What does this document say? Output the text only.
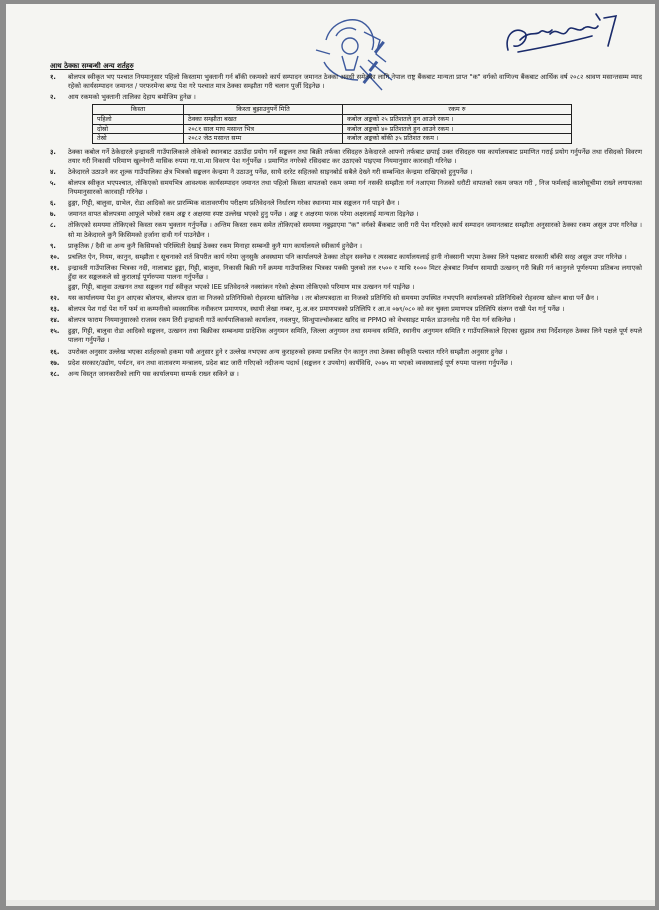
आथ ठेक्का सम्बन्धी अन्य शर्तहरु
१.	बोलपत्र स्वीकृत भए पश्चात नियमानुसार पहिलो किस्तामा भुक्तानी गर्न बाँकी रकमको कार्य सम्पादन जमानत ठेक्का अवधी समेतका लागि नेपाल राष्ट्र बैंकबाट मान्यता प्राप्त "क" वर्गको वाणिज्य बैंकबाट आर्थिक वर्ष २०८२ श्रावण मसान्तसम्म म्याद रहेको कार्यसम्पादन जमानत / परफरमेन्स बण्ड पेश गरे पश्चात मात्र ठेक्का सम्झौता गरी चलान पुर्जी दिइनेछ ।
२.	आय रकमको भुक्तानी तालिका देहाय बमोजिम हुनेछ ।
किस्ता	किस्ता बुझाउनुपर्ने मिति	रकम रु
पहिलो	ठेक्का सम्झौता बखत	कबोल अङ्कको २५ प्रतिशतले हुन आउने रकम ।
दोस्रो	२०८१ साल माघ मसान्त भित्र	कबोल अङ्कको ४० प्रतिशतले हुन आउने रकम ।
तेस्रो	२०८२ जेठ मसान्त सम्म	कबोल अङ्कको बाँकी ३५ प्रतिशत रकम ।
३.	ठेक्का कबोल गर्ने ठेकेदारले इन्द्रावती गाउँपालिकाले तोकेको स्थानबाट उठाउँदा प्रयोग गर्ने सङ्कलन तथा बिक्री तर्फका रसिदहरु ठेकेदारले आफ्नो तर्फबाट छपाई उक्त रसिदहरु यस कार्यालयबाट प्रमाणित गराई प्रयोग गर्नुपर्नेछ तथा रसिदको विवरण तयार गरी निकासी परिमाण खुल्नेगरी मासिक रुपमा गा.पा.मा विवरण पेश गर्नुपर्नेछ । प्रमाणित नगरेको रसिदबाट कर उठाएको पाइएमा नियमानुसार कारवाही गरिनेछ ।
४.	ठेकेदारले उठाउने कर शुल्क गाउँपालिका क्षेत्र भित्रको सङ्कलन केन्द्रमा नै उठाउनु पर्नेछ, साथै दररेट सहितको साइनबोर्ड सबैले देख्ने गरी सम्बन्धित केन्द्रमा राखिएको हुनुपर्नेछ ।
५.	बोलपत्र स्वीकृत भएपश्चात, तोकिएको समयभित्र आवश्यक कार्यसम्पादन जमानत तथा पहिलो किस्ता वापतको रकम जम्मा गर्न नसकी सम्झौता गर्न नआएमा निजको धरौटी वापतको रकम जफत गरी , निज फर्मलाई कालोसूचीमा राख्ने लगायतका नियमानुसारको कारवाही गरिनेछ ।
६.	ढुङ्गा, गिट्टी, बालुवा, ग्राभेल, रोडा आदिको कर प्रारम्भिक वातावरणीय परीक्षण प्रतिवेदनले निर्धारण गरेका स्थानमा मात्र सङ्कलन गर्न पाइने छैन ।
७.	जमानत वापत बोलपत्रमा आफूले भरेको रकम अङ्क र अक्षरमा स्पष्ट उल्लेख भएको हुनु पर्नेछ । अङ्क र अक्षरमा फरक परेमा अक्षरलाई मान्यता दिइनेछ ।
८.	तोकिएको समयमा तोकिएको किस्ता रकम भुक्तान गर्नुपर्नेछ । अन्तिम किस्ता रकम समेत तोकिएको समयमा नबुझाएमा "क" वर्गको बैंकबाट जारी गरी पेश गरिएको कार्य सम्पादन जमानतबाट सम्झौता अनुसारको ठेक्का रकम असुल उपर गरिनेछ । सो मा ठेकेदारले कुनै किसिमको हर्जाना दावी गर्न पाउनेछैन ।
९.	प्राकृतिक / दैवी वा अन्य कुनै किसिमको परिस्थिती देखाई ठेक्का रकम मिनाहा सम्बन्धी कुनै माग कार्यालयले स्वीकार्य हुनेछैन ।
१०.	प्रचलित ऐन, नियम, कानुन, सम्झौता र सूचनाको शर्त विपरीत कार्य गरेमा जुनसुकै अवस्थामा पनि कार्यालयले ठेक्का तोड्न सक्नेछ र त्यसबाट कार्यालयलाई हानी नोक्सानी भएमा ठेक्का लिने पक्षबाट सरकारी बाँकी सरह असुल उपर गरिनेछ ।
११.	इन्द्रावती गाउँपालिका भित्रका नदी, नालाबाट ढुङ्गा, गिट्टी, बालुवा, निकासी बिक्री गर्ने क्रममा गाउँपालिका भित्रका पक्की पुलको तल १५०० र माथि १००० मिटर क्षेत्रबाट निर्माण सामाग्री उत्खनन् गरी बिक्री गर्न कानुनले पूर्णरुपमा प्रतिबन्ध लगाएको हुँदा कर सङ्कलकले सो कुरालाई पूर्णरुपमा पालना गर्नुपर्नेछ ।
ढुङ्गा, गिट्टी, बालुवा उत्खनन तथा सङ्कलन गर्दा स्वीकृत भएको IEE प्रतिवेदनले नक्सांकन गरेको क्षेत्रमा तोकिएको परिमाण मात्र उत्खनन गर्न पाईनेछ ।
१२.	यस कार्यालयमा पेश हुन आएका बोलपत्र, बोलपत्र दाता वा निजको प्रतिनिधिको रोहवरमा खोलिनेछ । तर बोलपत्रदाता वा निजको प्रतिनिधि सो समयमा उपस्थित नभएपनि कार्यालयको प्रतिनिधिको रोहवरमा खोल्न बाधा पर्ने छैन ।
१३.	बोलपत्र पेश गर्दा पेश गर्ने फर्म वा कम्पनीको व्यवसायिक नवीकरण प्रमाणपत्र, स्थायी लेखा नम्बर, मु.अ.कर प्रमाणपत्रको प्रतिलिपि र आ.व ०७९/०८० को कर चुक्ता प्रमाणपत्र प्रतिलिपि संलग्न राखी पेश गर्नु पर्नेछ ।
१४.	बोलपत्र फाराम नियमानुसारको राजस्व रकम तिरी इन्द्रावती गाउँ कार्यपालिकाको कार्यालय, नवलपुर, सिन्धुपाल्चोकबाट खरिद वा PPMO को वेभसाइट मार्फत डाउनलोड गरी पेश गर्न सकिनेछ ।
१५.	ढुङ्गा, गिट्टी, बालुवा रोडा आदिको सङ्कलन, उत्खनन तथा बिक्रीका सम्बन्धमा प्रादेशिक अनुगमन समिति, जिल्ला अनुगमन तथा समन्वय समिति, स्थानीय अनुगमन समिति र गाउँपालिकाले दिएका सुझाव तथा निर्देशनहरु ठेक्का लिने पक्षले पूर्ण रुपले पालना गर्नुपर्नेछ ।
१६.	उपरोक्त अनुसार उल्लेख भएका शर्तहरुको हकमा यसै अनुसार हुने र उल्लेख नभएका अन्य कुराहरुको हकमा प्रचलित ऐन कानुन तथा ठेक्का स्वीकृति पश्चात गरिने सम्झौता अनुसार हुनेछ ।
१७.	प्रदेश सरकार/उद्योग, पर्यटन, वन तथा वातावरण मन्त्रालय, प्रदेश बाट जारी गरिएको नदीजन्य पदार्थ (सङ्कलन र उपयोग) कार्यविधि, २०७५ मा भएको व्यवस्थालाई पूर्ण रुपमा पालना गर्नुपर्नेछ ।
१८.	अन्य विस्तृत जानकारीको लागि यस कार्यालयमा सम्पर्क राख्न सकिने छ ।
